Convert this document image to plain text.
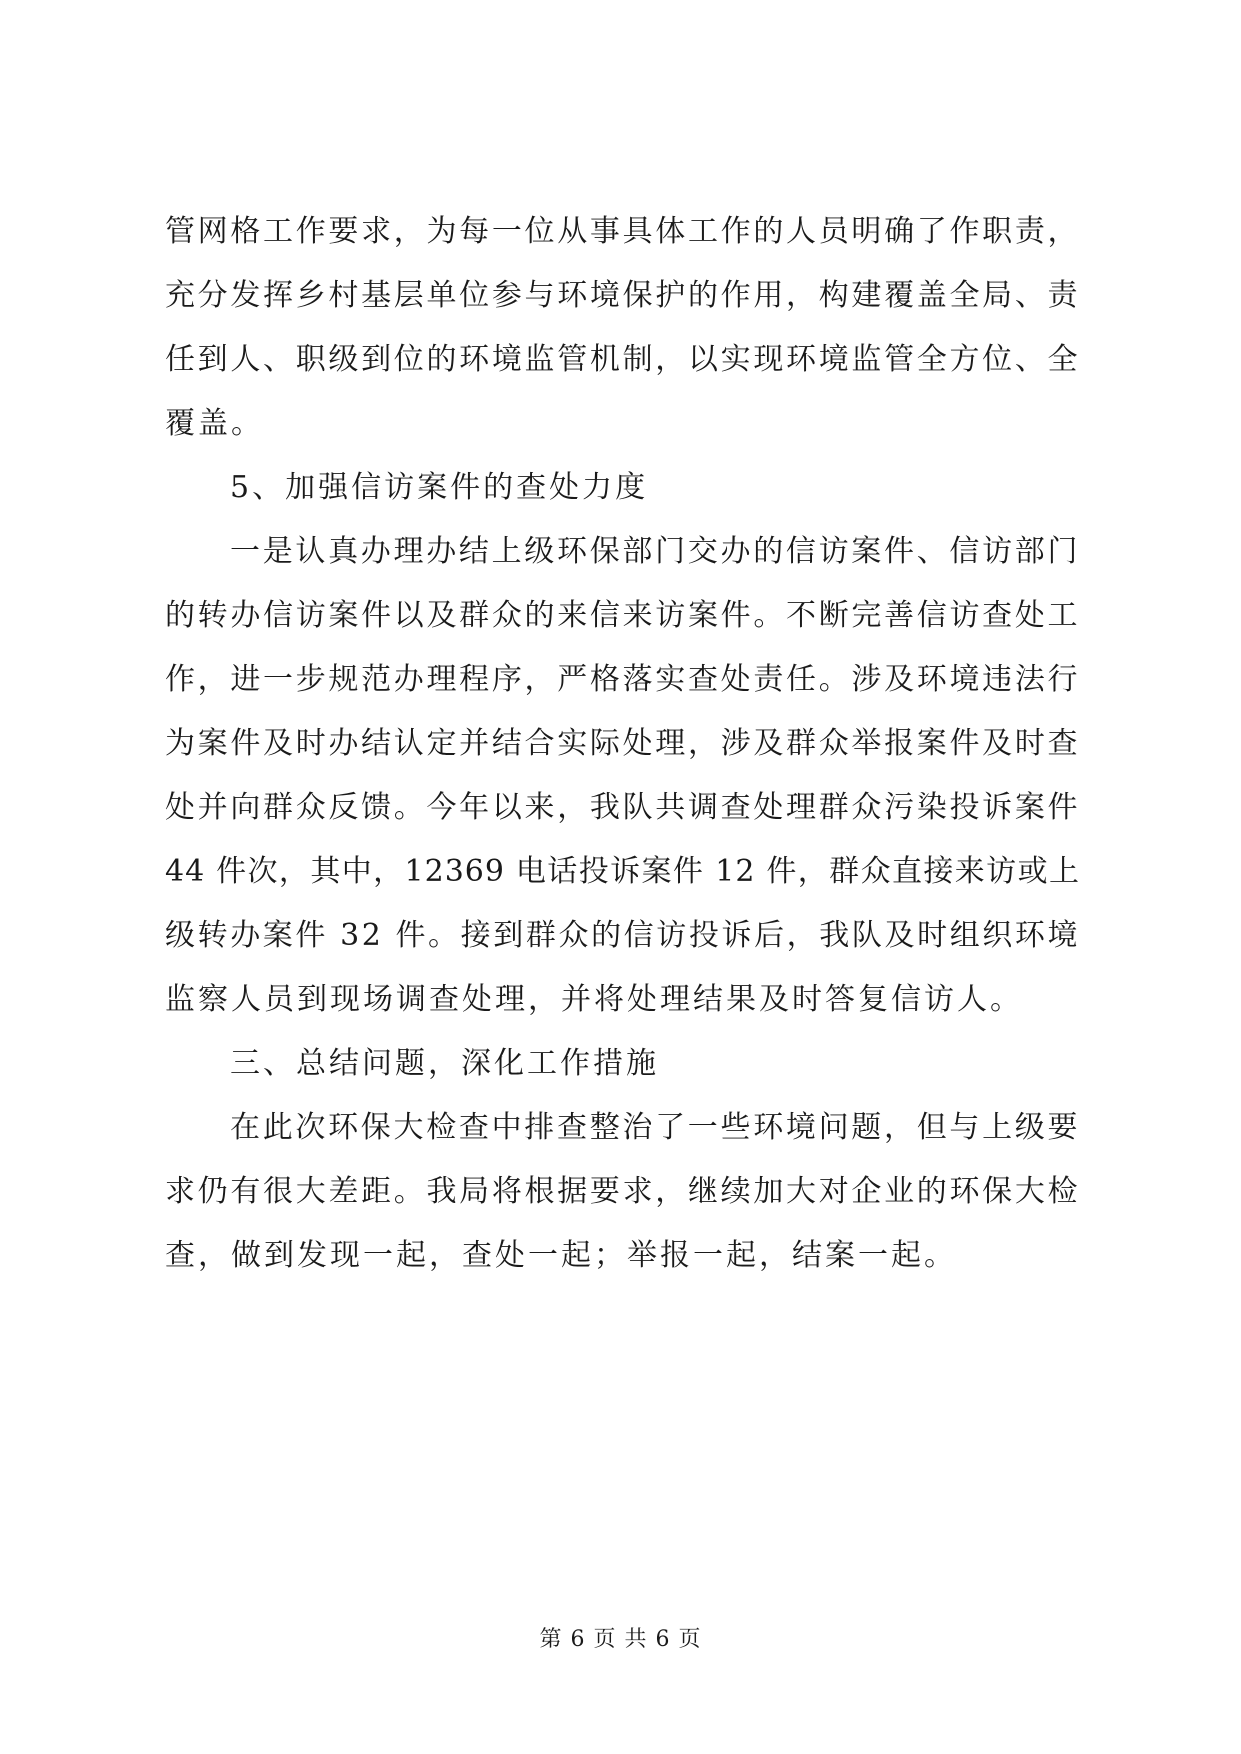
管网格工作要求，为每一位从事具体工作的人员明确了作职责，
充分发挥乡村基层单位参与环境保护的作用，构建覆盖全局、责
任到人、职级到位的环境监管机制，以实现环境监管全方位、全
覆盖。
5、加强信访案件的查处力度
一是认真办理办结上级环保部门交办的信访案件、信访部门
的转办信访案件以及群众的来信来访案件。不断完善信访查处工
作，进一步规范办理程序，严格落实查处责任。涉及环境违法行
为案件及时办结认定并结合实际处理，涉及群众举报案件及时查
处并向群众反馈。今年以来，我队共调查处理群众污染投诉案件
44 件次，其中，12369 电话投诉案件 12 件，群众直接来访或上
级转办案件 32 件。接到群众的信访投诉后，我队及时组织环境
监察人员到现场调查处理，并将处理结果及时答复信访人。
三、总结问题，深化工作措施
在此次环保大检查中排查整治了一些环境问题，但与上级要
求仍有很大差距。我局将根据要求，继续加大对企业的环保大检
查，做到发现一起，查处一起；举报一起，结案一起。
第 6 页 共 6 页
